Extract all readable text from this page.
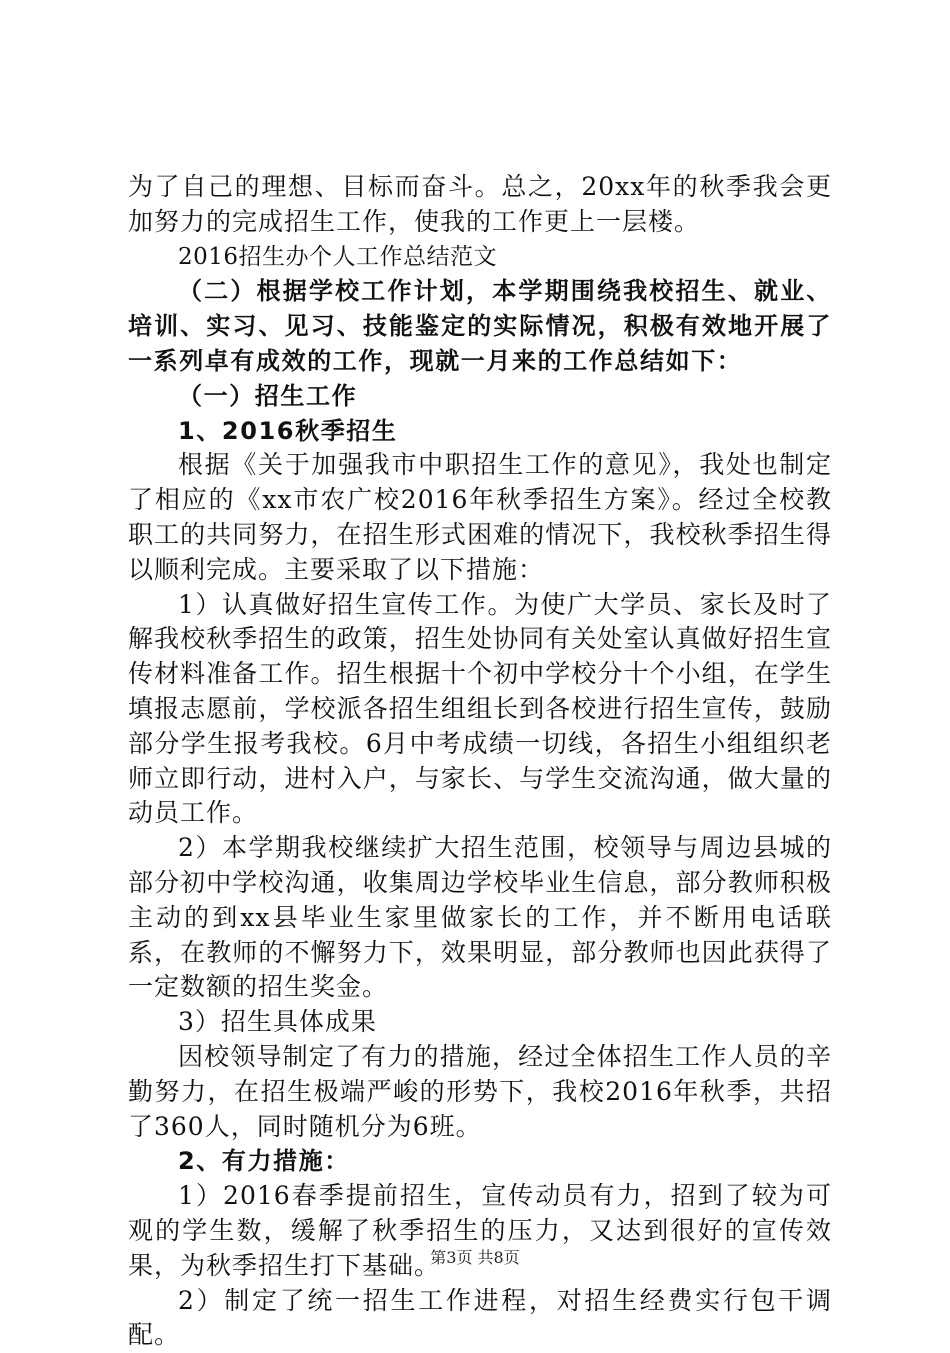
为了自己的理想、目标而奋斗。总之，20xx年的秋季我会更加努力的完成招生工作，使我的工作更上一层楼。

2016招生办个人工作总结范文

（二）根据学校工作计划，本学期围绕我校招生、就业、培训、实习、见习、技能鉴定的实际情况，积极有效地开展了一系列卓有成效的工作，现就一月来的工作总结如下：

（一）招生工作

1、2016秋季招生

根据《关于加强我市中职招生工作的意见》，我处也制定了相应的《xx市农广校2016年秋季招生方案》。经过全校教职工的共同努力，在招生形式困难的情况下，我校秋季招生得以顺利完成。主要采取了以下措施：

1）认真做好招生宣传工作。为使广大学员、家长及时了解我校秋季招生的政策，招生处协同有关处室认真做好招生宣传材料准备工作。招生根据十个初中学校分十个小组，在学生填报志愿前，学校派各招生组组长到各校进行招生宣传，鼓励部分学生报考我校。6月中考成绩一切线，各招生小组组织老师立即行动，进村入户，与家长、与学生交流沟通，做大量的动员工作。

2）本学期我校继续扩大招生范围，校领导与周边县城的部分初中学校沟通，收集周边学校毕业生信息，部分教师积极主动的到xx县毕业生家里做家长的工作，并不断用电话联系，在教师的不懈努力下，效果明显，部分教师也因此获得了一定数额的招生奖金。

3）招生具体成果

因校领导制定了有力的措施，经过全体招生工作人员的辛勤努力，在招生极端严峻的形势下，我校2016年秋季，共招了360人，同时随机分为6班。

2、有力措施：

1）2016春季提前招生，宣传动员有力，招到了较为可观的学生数，缓解了秋季招生的压力，又达到很好的宣传效果，为秋季招生打下基础。

2）制定了统一招生工作进程，对招生经费实行包干调配。

第3页 共8页
